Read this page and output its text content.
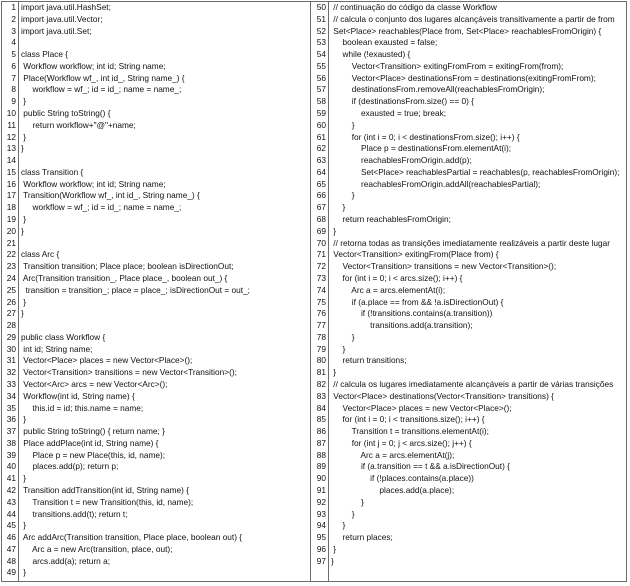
1 import java.util.HashSet;
2 import java.util.Vector;
3 import java.util.Set;
4
5 class Place {
6 Workflow workflow; int id; String name;
7 Place(Workflow wf_, int id_, String name_) {
8 workflow = wf_; id = id_; name = name_;
9 }
10 public String toString() {
11 return workflow+"@"+name;
12 }
13 }
14
15 class Transition {
16 Workflow workflow; int id; String name;
17 Transition(Workflow wf_, int id_, String name_) {
18 workflow = wf_; id = id_; name = name_;
19 }
20 }
21
22 class Arc {
23 Transition transition; Place place; boolean isDirectionOut;
24 Arc(Transition transition_, Place place_, boolean out_) {
25 transition = transition_; place = place_; isDirectionOut = out_;
26 }
27 }
28
29 public class Workflow {
30 int id; String name;
31 Vector<Place> places = new Vector<Place>();
32 Vector<Transition> transitions = new Vector<Transition>();
33 Vector<Arc> arcs = new Vector<Arc>();
34 Workflow(int id, String name) {
35 this.id = id; this.name = name;
36 }
37 public String toString() { return name; }
38 Place addPlace(int id, String name) {
39 Place p = new Place(this, id, name);
40 places.add(p); return p;
41 }
42 Transition addTransition(int id, String name) {
43 Transition t = new Transition(this, id, name);
44 transitions.add(t); return t;
45 }
46 Arc addArc(Transition transition, Place place, boolean out) {
47 Arc a = new Arc(transition, place, out);
48 arcs.add(a); return a;
49 }
50 // continuação do código da classe Workflow
51 // calcula o conjunto dos lugares alcançáveis transitivamente a partir de from
52 Set<Place> reachables(Place from, Set<Place> reachablesFromOrigin) {
53 boolean exausted = false;
54 while (!exausted) {
55 Vector<Transition> exitingFromFrom = exitingFrom(from);
56 Vector<Place> destinationsFrom = destinations(exitingFromFrom);
57 destinationsFrom.removeAll(reachablesFromOrigin);
58 if (destinationsFrom.size() == 0) {
59 exausted = true; break;
60 }
61 for (int i = 0; i < destinationsFrom.size(); i++) {
62 Place p = destinationsFrom.elementAt(i);
63 reachablesFromOrigin.add(p);
64 Set<Place> reachablesPartial = reachables(p, reachablesFromOrigin);
65 reachablesFromOrigin.addAll(reachablesPartial);
66 }
67 }
68 return reachablesFromOrigin;
69 }
70 // retorna todas as transições imediatamente realizáveis a partir deste lugar
71 Vector<Transition> exitingFrom(Place from) {
72 Vector<Transition> transitions = new Vector<Transition>();
73 for (int i = 0; i < arcs.size(); i++) {
74 Arc a = arcs.elementAt(i);
75 if (a.place == from && !a.isDirectionOut) {
76 if (!transitions.contains(a.transition))
77 transitions.add(a.transition);
78 }
79 }
80 return transitions;
81 }
82 // calcula os lugares imediatamente alcançáveis a partir de várias transições
83 Vector<Place> destinations(Vector<Transition> transitions) {
84 Vector<Place> places = new Vector<Place>();
85 for (int i = 0; i < transitions.size(); i++) {
86 Transition t = transitions.elementAt(i);
87 for (int j = 0; j < arcs.size(); j++) {
88 Arc a = arcs.elementAt(j);
89 if (a.transition == t && a.isDirectionOut) {
90 if (!places.contains(a.place))
91 places.add(a.place);
92 }
93 }
94 }
95 return places;
96 }
97 }
